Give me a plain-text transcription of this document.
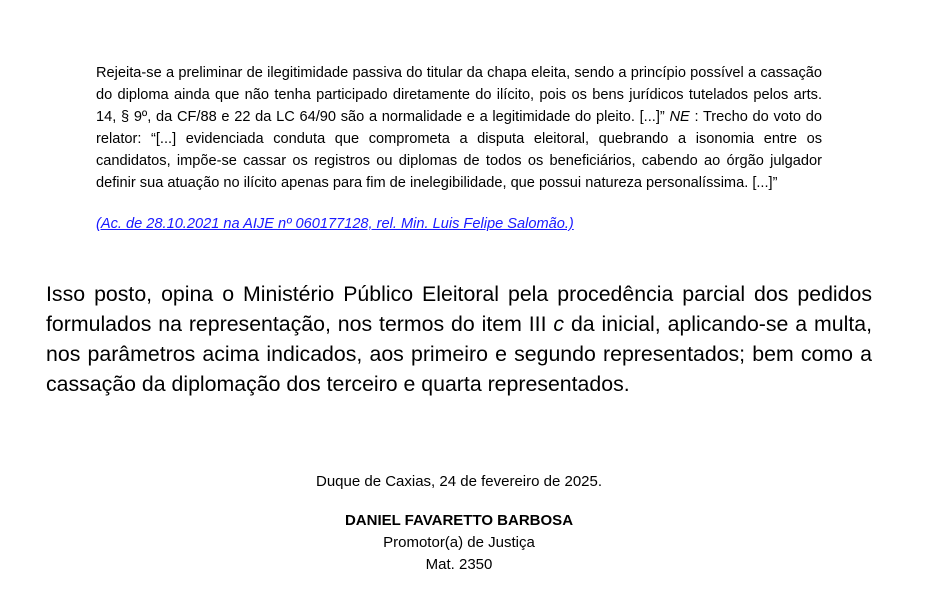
Rejeita-se a preliminar de ilegitimidade passiva do titular da chapa eleita, sendo a princípio possível a cassação do diploma ainda que não tenha participado diretamente do ilícito, pois os bens jurídicos tutelados pelos arts. 14, § 9º, da CF/88 e 22 da LC 64/90 são a normalidade e a legitimidade do pleito. [...]” NE : Trecho do voto do relator: “[...] evidenciada conduta que comprometa a disputa eleitoral, quebrando a isonomia entre os candidatos, impõe-se cassar os registros ou diplomas de todos os beneficiários, cabendo ao órgão julgador definir sua atuação no ilícito apenas para fim de inelegibilidade, que possui natureza personalíssima. [...]”
(Ac. de 28.10.2021 na AIJE nº 060177128, rel. Min. Luis Felipe Salomão.)
Isso posto, opina o Ministério Público Eleitoral pela procedência parcial dos pedidos formulados na representação, nos termos do item III c da inicial, aplicando-se a multa, nos parâmetros acima indicados, aos primeiro e segundo representados; bem como a cassação da diplomação dos terceiro e quarta representados.
Duque de Caxias, 24 de fevereiro de 2025.
DANIEL FAVARETTO BARBOSA
Promotor(a) de Justiça
Mat. 2350
